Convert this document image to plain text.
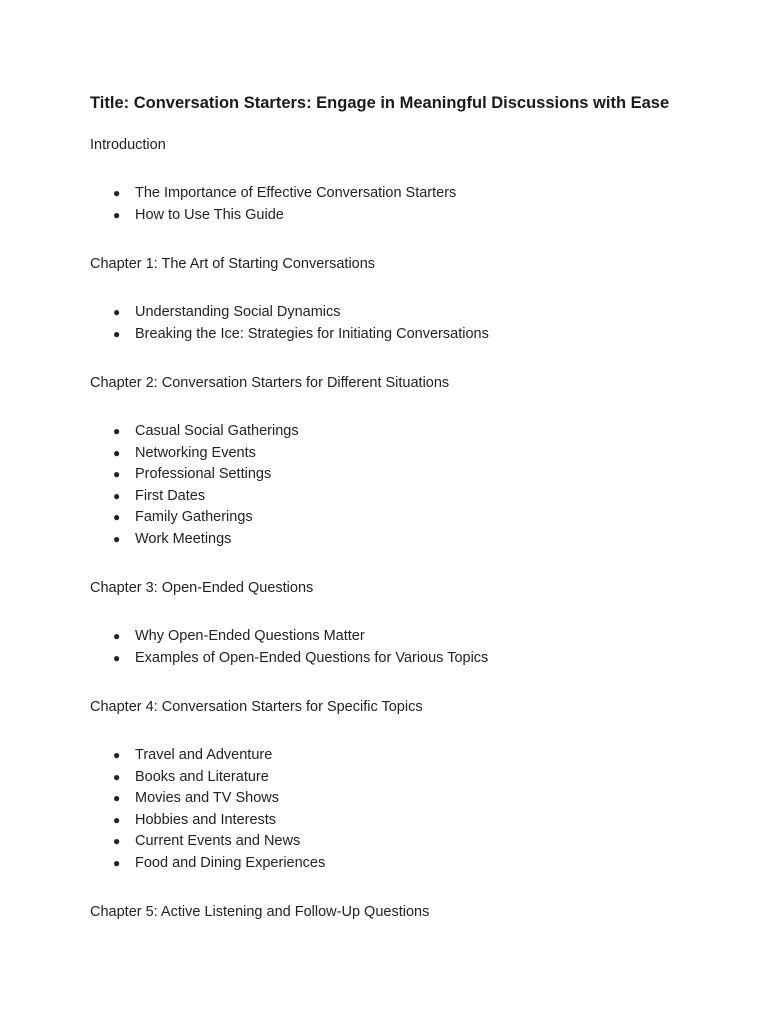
Title: Conversation Starters: Engage in Meaningful Discussions with Ease
Introduction
● The Importance of Effective Conversation Starters
● How to Use This Guide
Chapter 1: The Art of Starting Conversations
● Understanding Social Dynamics
● Breaking the Ice: Strategies for Initiating Conversations
Chapter 2: Conversation Starters for Different Situations
● Casual Social Gatherings
● Networking Events
● Professional Settings
● First Dates
● Family Gatherings
● Work Meetings
Chapter 3: Open-Ended Questions
● Why Open-Ended Questions Matter
● Examples of Open-Ended Questions for Various Topics
Chapter 4: Conversation Starters for Specific Topics
● Travel and Adventure
● Books and Literature
● Movies and TV Shows
● Hobbies and Interests
● Current Events and News
● Food and Dining Experiences
Chapter 5: Active Listening and Follow-Up Questions
